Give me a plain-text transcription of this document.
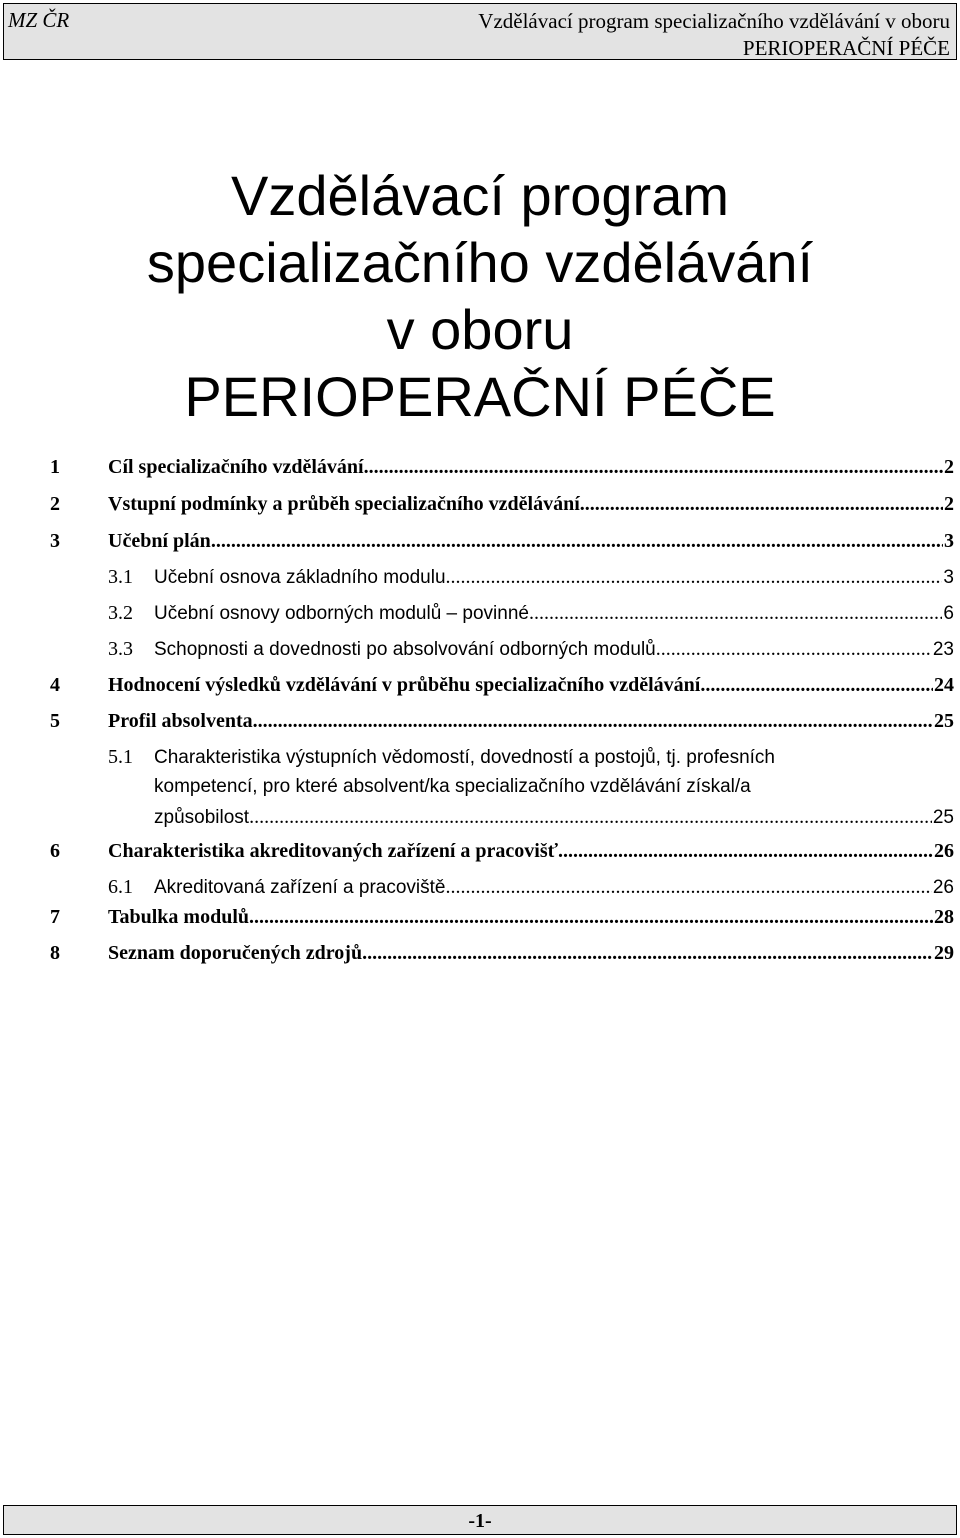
MZ ČR	Vzdělávací program specializačního vzdělávání v oboru
PERIOPERAČNÍ PÉČE
Vzdělávací program
specializačního vzdělávání
v oboru
PERIOPERAČNÍ PÉČE
1	Cíl specializačního vzdělávání .....	2
2	Vstupní podmínky a průběh specializačního vzdělávání .....	2
3	Učební plán .....	3
3.1	Učební osnova základního modulu .....	3
3.2	Učební osnovy odborných modulů – povinné .....	6
3.3	Schopnosti a dovednosti po absolvování odborných modulů .....	23
4	Hodnocení výsledků vzdělávání v průběhu specializačního vzdělávání .....	24
5	Profil absolventa .....	25
5.1	Charakteristika výstupních vědomostí, dovedností a postojů, tj. profesních
kompetencí, pro které absolvent/ka specializačního vzdělávání získal/a
způsobilost .....	25
6	Charakteristika akreditovaných zařízení a pracovišť .....	26
6.1	Akreditovaná zařízení a pracoviště .....	26
7	Tabulka modulů .....	28
8	Seznam doporučených zdrojů .....	29
-1-
